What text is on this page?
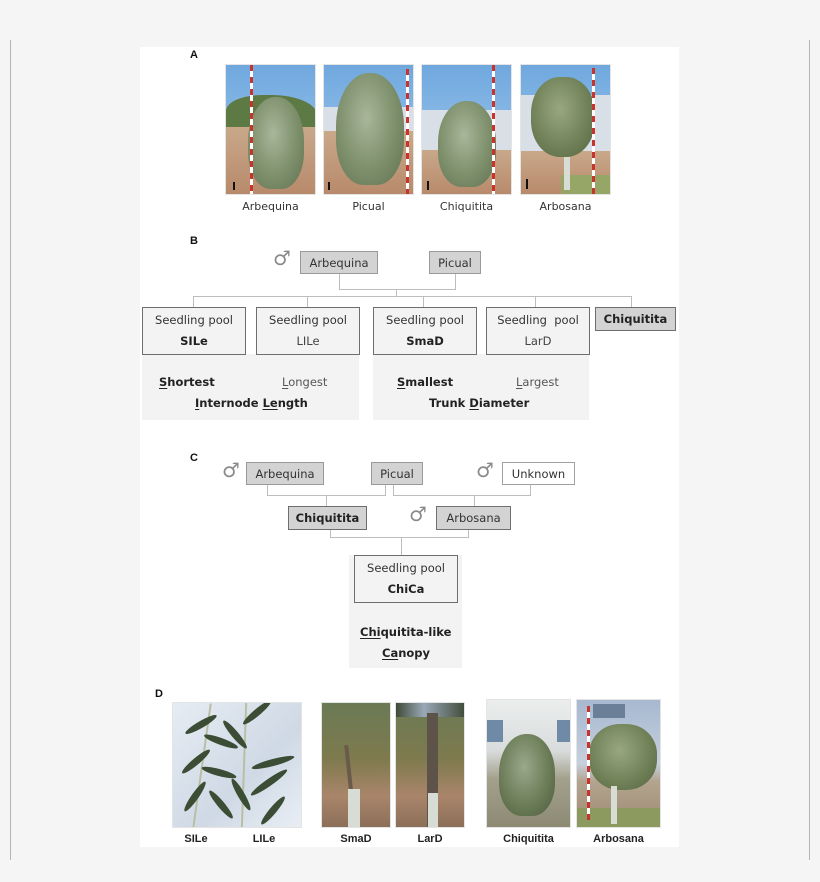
A
Arbequina	Picual	Chiquitita	Arbosana
B
♂ Arbequina	Picual
Seedling pool
SILe
Seedling pool
LILe
Seedling pool
SmaD
Seedling  pool
LarD
Chiquitita
Shortest	Longest
Internode Length
Smallest	Largest
Trunk Diameter
C ♂ Arbequina	Picual	♂ Unknown
Chiquitita ♂ Arbosana
Seedling pool
ChiCa
Chiquitita-like
Canopy
D
SILe	LILe	SmaD	LarD	Chiquitita	Arbosana
